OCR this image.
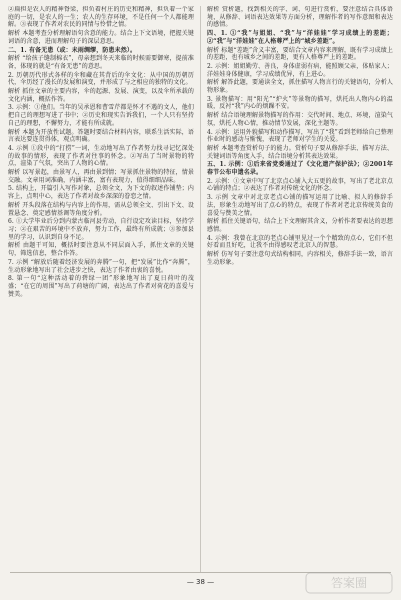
②扁担是农人的精神脊梁，担负着村庄的历史和精神，担负着一个家庭的一切，是农人的一生；农人的生存环境，不是任何一个人都能理解。③表现了作者对农民的同情与怜惜之情。

解析 本题考查分析理解语句含意的能力。结合上下文语境，把握关键词语的含意，进而理解句子的深层意思。

二、1. 有备无患（或：未雨绸缪，防患未然）。

解析 “给孩子缝制棉衣”，母亲想到冬天来临的时候需要御寒，提前准备，体现的就是“有备无患”的意思。

2. 历朝历代形式各样的伞和藏在其背后的伞文化：从中国的历朝历代，伞历经了漫长的发展和演变，并形成了与之相应的独特的文化。

解析 抓住文章的主要内容，伞的起源、发展、演变，以及伞所承载的文化内涵，概括作答。

3. 示例：①他们。当年的吴承恩和曹雪芹都是怀才不遇的文人，他们把自己的理想写进了书中；②历史和现实告诉我们，一个人只有坚持自己的理想，不懈努力，才能有所成就。

解析 本题为开放性试题。答题时要结合材料内容，联系生活实际，语言表达要连贯得体，观点明确。

4. 示例 ①段中的“打捞”一词，生动地写出了作者努力找寻记忆深处的故事的情形，表现了作者对往事的怀念。②写出了当时景物的特点，渲染了气氛，突出了人物的心情。

解析 以写景起，由景写人，再由景到情；写景抓住景物的特征，情景交融。文章用词准确，内涵丰富，富有表现力，值得细细品味。

5. 结构上，开篇引入写作对象，总领全文，为下文的叙述作铺垫；内容上，点明中心，表达了作者对故乡深深的眷恋之情。

解析 开头段落在结构与内容上的作用，需从总领全文、引出下文、设置悬念、奠定感情基调等角度分析。

6. ①大学毕业后分到内蒙古临河县劳动，自行设定攻读目标，坚持学习；②在艰苦的环境中不放弃，努力工作，最终有所成就；③参加县里的学习，认识到自身不足。

解析 由题干可知，概括时要注意从不同层面入手，抓住文章的关键句，筛选信息，整合作答。

7. 示例 “解放后随着经济发展的奔腾”一句，把“发展”比作“奔腾”，生动形象地写出了社会进步之快，表达了作者由衷的喜悦。

8. 第一句“这种活动着的碧绿一团”形象地写出了夏日荷叶的茂盛；“在它的周围”写出了荷塘的广阔，表达出了作者对荷花的喜爱与赞美。

解析 赏析题，找到相关的字、词、句进行赏析，要注意结合具体语境，从修辞、词语表达效果等方面分析，理解作者的写作意图和表达的感情。

四、1. ①“我”与姐姐、“我”与“洋娃娃”学习成绩上的差距；②“我”与“洋娃娃”在人格尊严上的“城乡差距”。

解析 标题“差距”含义丰富，要结合文章内容来理解，既有学习成绩上的差距，也有城乡之间的差距，更有人格尊严上的差距。

2. 示例：姐姐勤劳、善良，身体虚弱有病，能照顾父亲，体贴家人；洋娃娃身体健康，学习成绩优异，有上进心。

解析 解答此题，要通读全文，抓住描写人物言行的关键语句，分析人物形象。

3. 景物描写：用“阳光”“炉火”等景物的描写，烘托出人物内心的温暖，反衬“我”内心的烦躁不安。

解析 结合语境理解景物描写的作用：交代时间、地点、环境，渲染气氛，烘托人物心情，推动情节发展，深化主题等。

4. 示例：运用外貌描写和动作描写，写出了“我”看到老师给自己整理作业时的感动与惭愧，表现了老师对学生的关爱。

解析 本题考查赏析句子的能力。赏析句子要从修辞手法、描写方法、关键词语等角度入手，结合语境分析其表达效果。

五、1. 示例：①后来省党委通过了《文化遗产保护法》；②2001年春节公布申遗名录。

2. 示例：①文章中写了北京点心铺入大五更的故事，写出了老北京点心铺的特点；②表达了作者对传统文化的怀念。

3. 示例 文章中对北京老点心铺的描写运用了比喻、拟人的修辞手法，形象生动地写出了点心的特点，表现了作者对老北京传统美食的喜爱与赞美之情。

解析 抓住关键语句，结合上下文理解其含义，分析作者要表达的思想感情。

4. 示例：我曾在北京的老点心铺里见过一个个精致的点心，它们不但好看而且好吃，让我不由得感叹老北京人的智慧。

解析 仿写句子要注意句式结构相同，内容相关，修辞手法一致，语言生动形象。

— 38 —	答案圈
